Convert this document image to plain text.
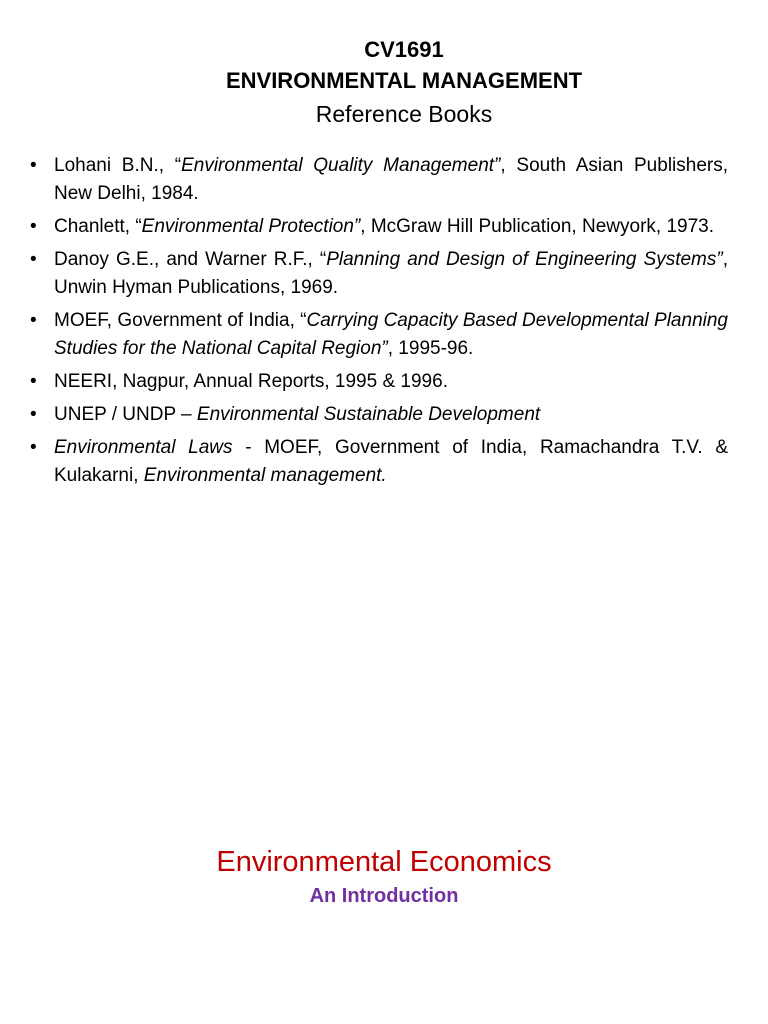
CV1691

ENVIRONMENTAL MANAGEMENT

Reference Books

• Lohani B.N., “Environmental Quality Management”, South Asian Publishers, New Delhi, 1984.
• Chanlett, “Environmental Protection”, McGraw Hill Publication, Newyork, 1973.
• Danoy G.E., and Warner R.F., “Planning and Design of Engineering Systems”, Unwin Hyman Publications, 1969.
• MOEF, Government of India, “Carrying Capacity Based Developmental Planning Studies for the National Capital Region”, 1995-96.
• NEERI, Nagpur, Annual Reports, 1995 & 1996.
• UNEP / UNDP – Environmental Sustainable Development
• Environmental Laws - MOEF, Government of India, Ramachandra T.V. & Kulakarni, Environmental management.

Environmental Economics

An Introduction
